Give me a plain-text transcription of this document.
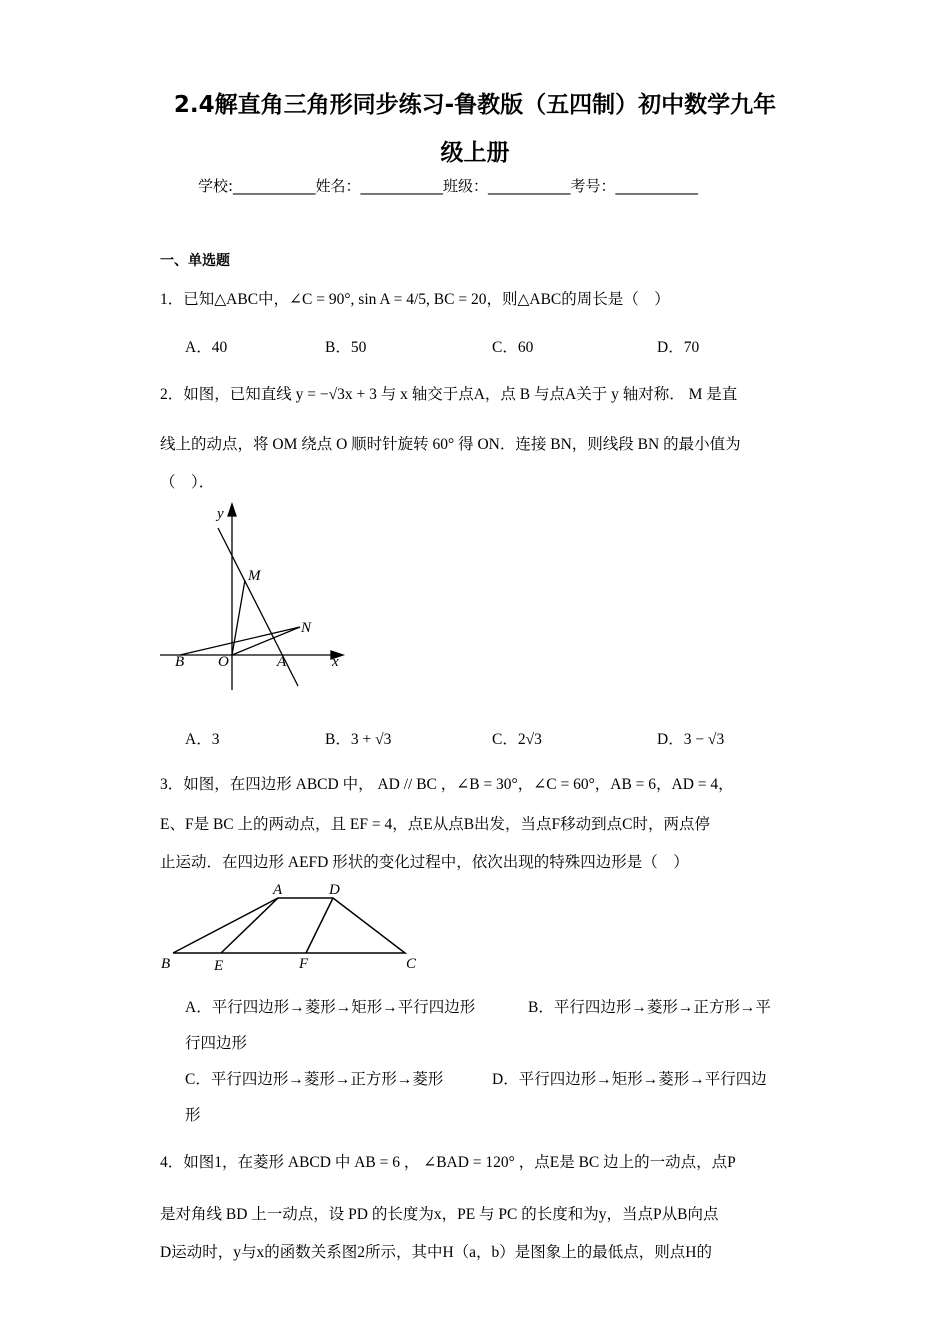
2.4解直角三角形同步练习-鲁教版（五四制）初中数学九年
级上册
学校:___________姓名：___________班级：___________考号：___________
一、单选题
1．已知△ABC中，∠C = 90°, sin A = 4/5, BC = 20，则△ABC的周长是（　）
A．40	B．50	C．60	D．70
2．如图，已知直线 y = −√3x + 3 与 x 轴交于点A，点 B 与点A关于 y 轴对称． M 是直
线上的动点，将 OM 绕点 O 顺时针旋转 60° 得 ON．连接 BN，则线段 BN 的最小值为
（　）．
y
x
M
N
B O	A
A	D
B	E	F	C
A．3	B．3 + √3	C．2√3	D．3 − √3
3．如图，在四边形 ABCD 中， AD // BC ，∠B = 30°，∠C = 60°，AB = 6，AD = 4，
E、F是 BC 上的两动点，且 EF = 4，点E从点B出发，当点F移动到点C时，两点停
止运动．在四边形 AEFD 形状的变化过程中，依次出现的特殊四边形是（　）
A．平行四边形→菱形→矩形→平行四边形	B．平行四边形→菱形→正方形→平
行四边形
C．平行四边形→菱形→正方形→菱形	D．平行四边形→矩形→菱形→平行四边
形
4．如图1，在菱形 ABCD 中 AB = 6 ， ∠BAD = 120° ，点E是 BC 边上的一动点，点P
是对角线 BD 上一动点，设 PD 的长度为x，PE 与 PC 的长度和为y，当点P从B向点
D运动时，y与x的函数关系图2所示，其中H（a，b）是图象上的最低点，则点H的
